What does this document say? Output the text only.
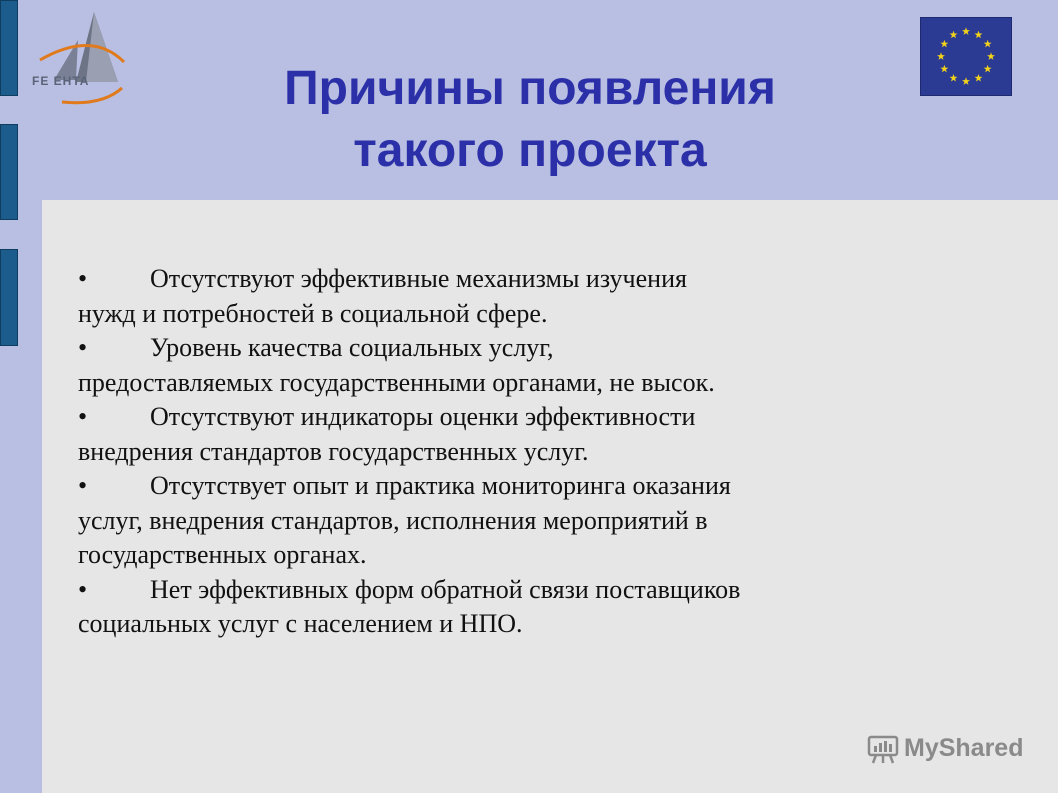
FE EHTA	Причины появления
такого проекта
• Отсутствуют эффективные механизмы изучения
нужд и потребностей в социальной сфере.
• Уровень качества социальных услуг,
предоставляемых государственными органами, не высок.
• Отсутствуют индикаторы оценки эффективности
внедрения стандартов государственных услуг.
• Отсутствует опыт и практика мониторинга оказания
услуг, внедрения стандартов, исполнения мероприятий в
государственных органах.
• Нет эффективных форм обратной связи поставщиков
социальных услуг с населением и НПО.
MyShared
